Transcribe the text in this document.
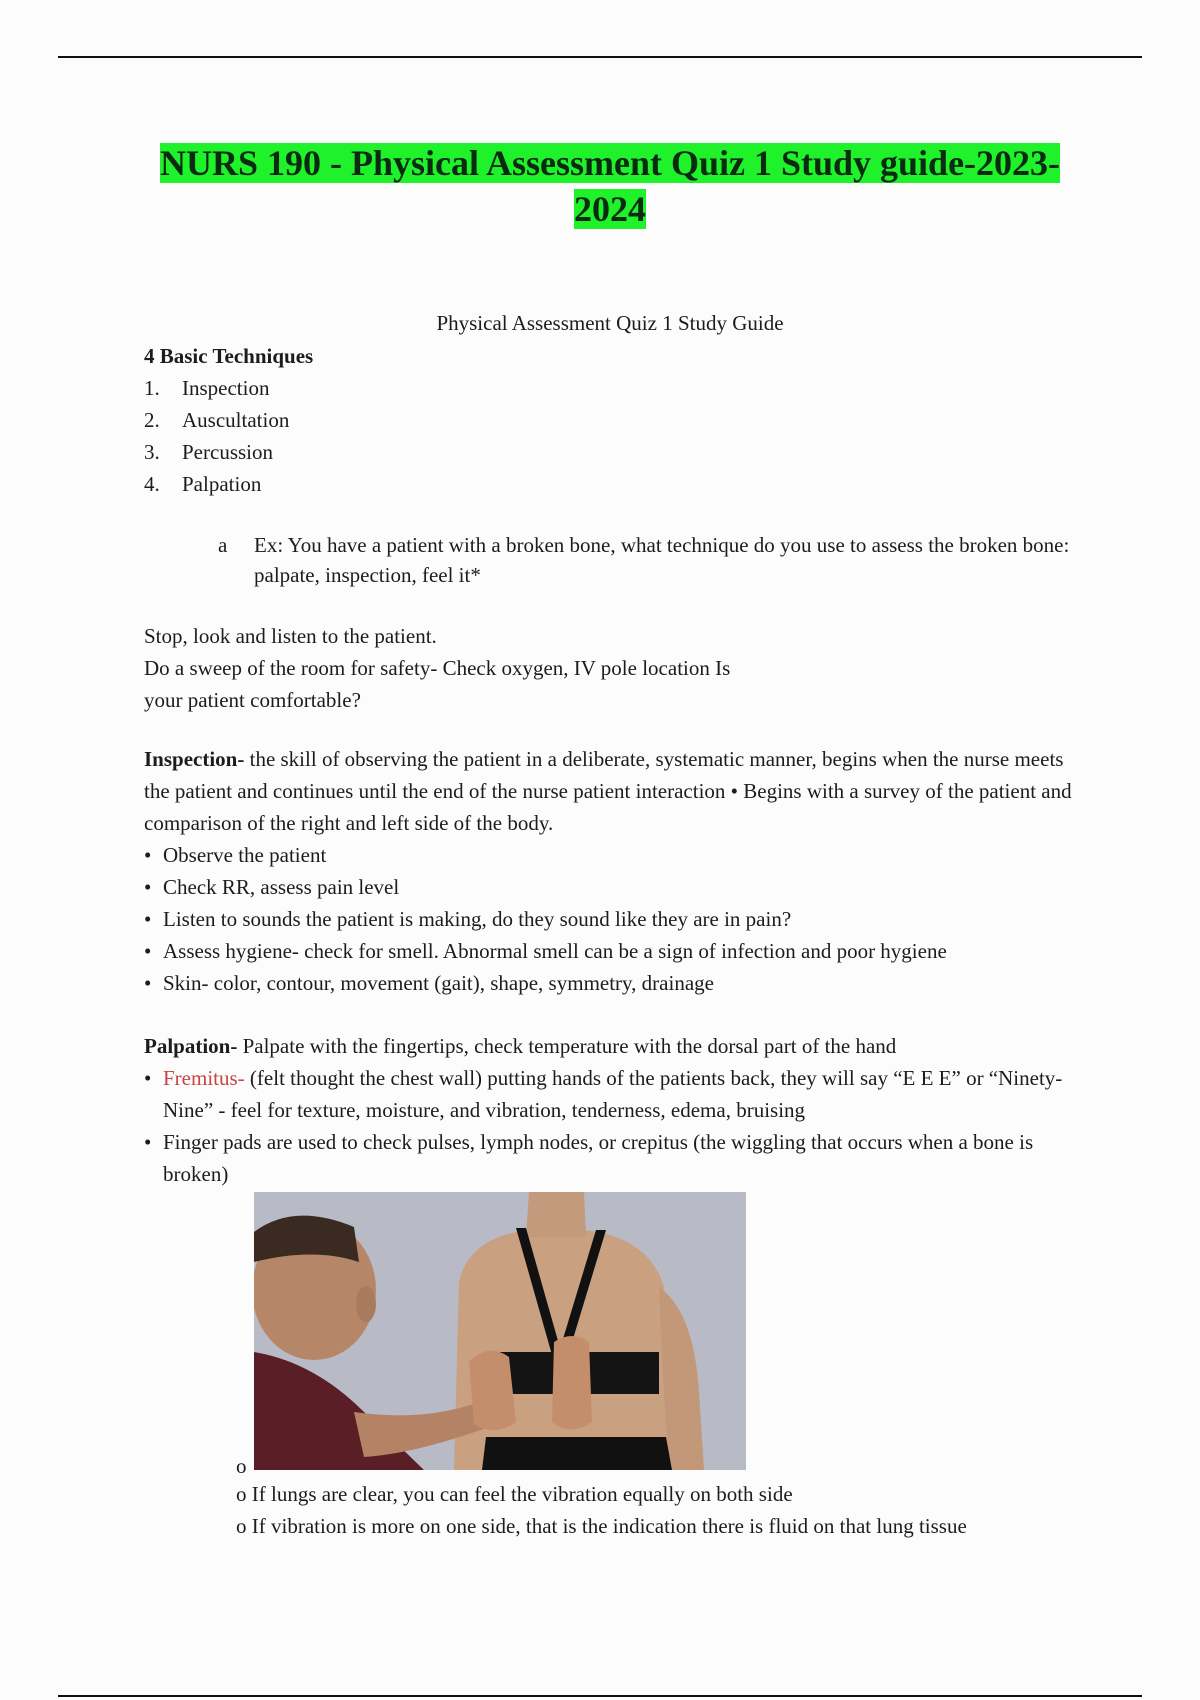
NURS 190 - Physical Assessment Quiz 1 Study guide-2023-2024
Physical Assessment Quiz 1 Study Guide
4 Basic Techniques
1. Inspection
2. Auscultation
3. Percussion
4. Palpation
a Ex: You have a patient with a broken bone, what technique do you use to assess the broken bone: palpate, inspection, feel it*
Stop, look and listen to the patient.
Do a sweep of the room for safety- Check oxygen, IV pole location Is
your patient comfortable?
Inspection- the skill of observing the patient in a deliberate, systematic manner, begins when the nurse meets the patient and continues until the end of the nurse patient interaction • Begins with a survey of the patient and comparison of the right and left side of the body.
• Observe the patient
• Check RR, assess pain level
• Listen to sounds the patient is making, do they sound like they are in pain?
• Assess hygiene- check for smell. Abnormal smell can be a sign of infection and poor hygiene
• Skin- color, contour, movement (gait), shape, symmetry, drainage
Palpation- Palpate with the fingertips, check temperature with the dorsal part of the hand
• Fremitus- (felt thought the chest wall) putting hands of the patients back, they will say “E E E” or “Ninety-Nine” - feel for texture, moisture, and vibration, tenderness, edema, bruising
• Finger pads are used to check pulses, lymph nodes, or crepitus (the wiggling that occurs when a bone is broken)
o
o If lungs are clear, you can feel the vibration equally on both side
o If vibration is more on one side, that is the indication there is fluid on that lung tissue
